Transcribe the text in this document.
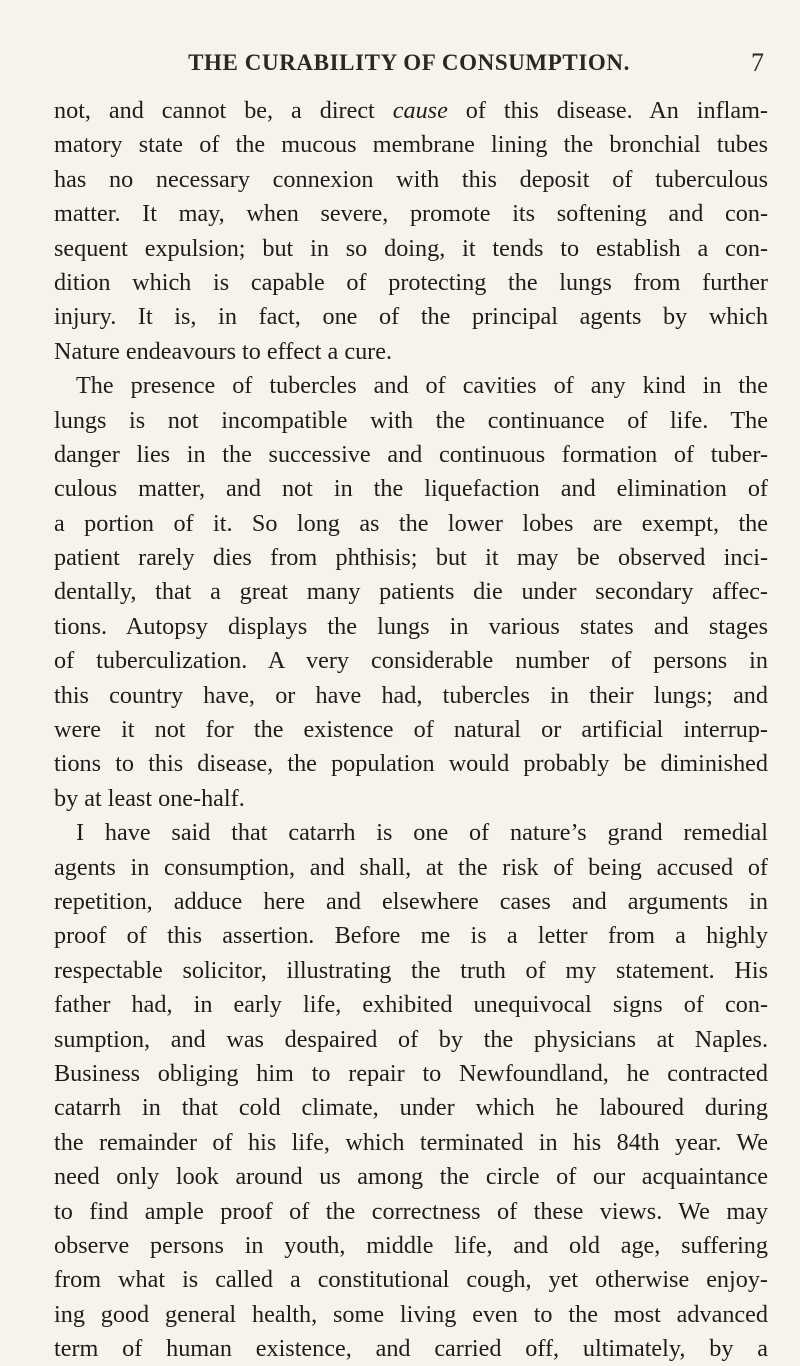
THE CURABILITY OF CONSUMPTION.	7
not, and cannot be, a direct cause of this disease. An inflam-
matory state of the mucous membrane lining the bronchial tubes
has no necessary connexion with this deposit of tuberculous
matter. It may, when severe, promote its softening and con-
sequent expulsion; but in so doing, it tends to establish a con-
dition which is capable of protecting the lungs from further
injury. It is, in fact, one of the principal agents by which
Nature endeavours to effect a cure.
The presence of tubercles and of cavities of any kind in the
lungs is not incompatible with the continuance of life. The
danger lies in the successive and continuous formation of tuber-
culous matter, and not in the liquefaction and elimination of
a portion of it. So long as the lower lobes are exempt, the
patient rarely dies from phthisis; but it may be observed inci-
dentally, that a great many patients die under secondary affec-
tions. Autopsy displays the lungs in various states and stages
of tuberculization. A very considerable number of persons in
this country have, or have had, tubercles in their lungs; and
were it not for the existence of natural or artificial interrup-
tions to this disease, the population would probably be diminished
by at least one-half.
I have said that catarrh is one of nature’s grand remedial
agents in consumption, and shall, at the risk of being accused of
repetition, adduce here and elsewhere cases and arguments in
proof of this assertion. Before me is a letter from a highly
respectable solicitor, illustrating the truth of my statement. His
father had, in early life, exhibited unequivocal signs of con-
sumption, and was despaired of by the physicians at Naples.
Business obliging him to repair to Newfoundland, he contracted
catarrh in that cold climate, under which he laboured during
the remainder of his life, which terminated in his 84th year. We
need only look around us among the circle of our acquaintance
to find ample proof of the correctness of these views. We may
observe persons in youth, middle life, and old age, suffering
from what is called a constitutional cough, yet otherwise enjoy-
ing good general health, some living even to the most advanced
term of human existence, and carried off, ultimately, by a
